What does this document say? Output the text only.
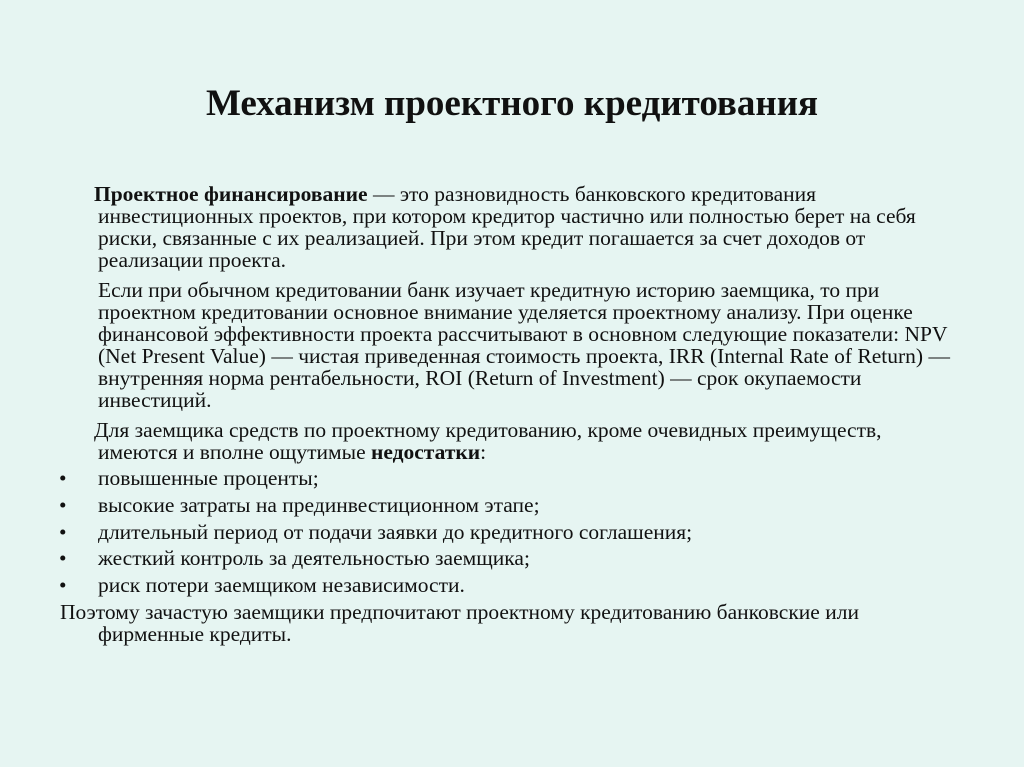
Механизм проектного кредитования

Проектное финансирование — это разновидность банковского кредитования инвестиционных проектов, при котором кредитор частично или полностью берет на себя риски, связанные с их реализацией. При этом кредит погашается за счет доходов от реализации проекта.

Если при обычном кредитовании банк изучает кредитную историю заемщика, то при проектном кредитовании основное внимание уделяется проектному анализу. При оценке финансовой эффективности проекта рассчитывают в основном следующие показатели: NPV (Net Present Value) — чистая приведенная стоимость проекта, IRR (Internal Rate of Return) — внутренняя норма рентабельности, ROI (Return of Investment) — срок окупаемости инвестиций.

Для заемщика средств по проектному кредитованию, кроме очевидных преимуществ, имеются и вполне ощутимые недостатки:

• повышенные проценты;
• высокие затраты на прединвестиционном этапе;
• длительный период от подачи заявки до кредитного соглашения;
• жесткий контроль за деятельностью заемщика;
• риск потери заемщиком независимости.

Поэтому зачастую заемщики предпочитают проектному кредитованию банковские или фирменные кредиты.
